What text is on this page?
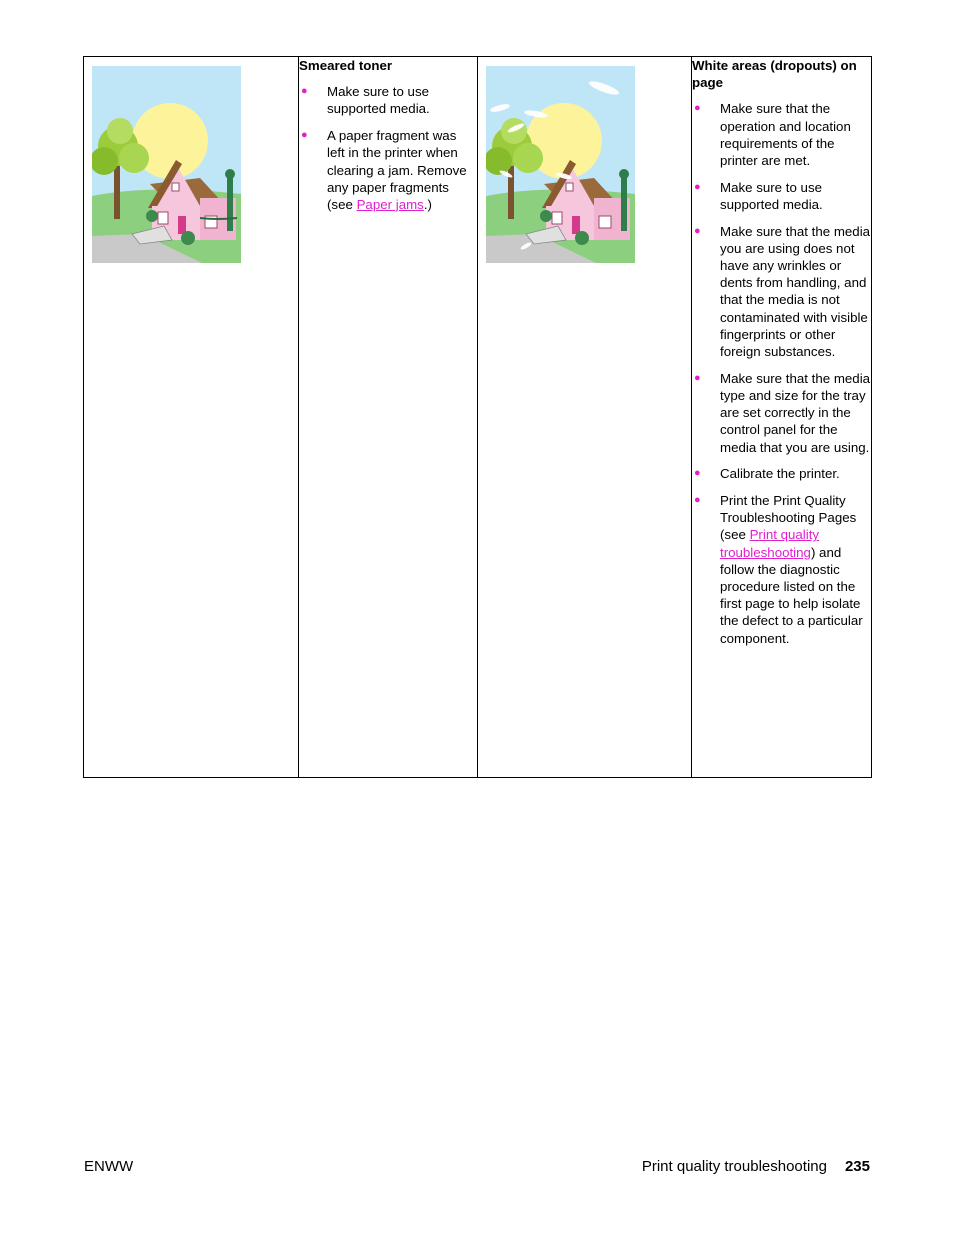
Smeared toner
● Make sure to use supported media.
● A paper fragment was left in the printer when clearing a jam. Remove any paper fragments (see Paper jams.)

White areas (dropouts) on page
● Make sure that the operation and location requirements of the printer are met.
● Make sure to use supported media.
● Make sure that the media you are using does not have any wrinkles or dents from handling, and that the media is not contaminated with visible fingerprints or other foreign substances.
● Make sure that the media type and size for the tray are set correctly in the control panel for the media that you are using.
● Calibrate the printer.
● Print the Print Quality Troubleshooting Pages (see Print quality troubleshooting) and follow the diagnostic procedure listed on the first page to help isolate the defect to a particular component.
ENWW	Print quality troubleshooting 235
